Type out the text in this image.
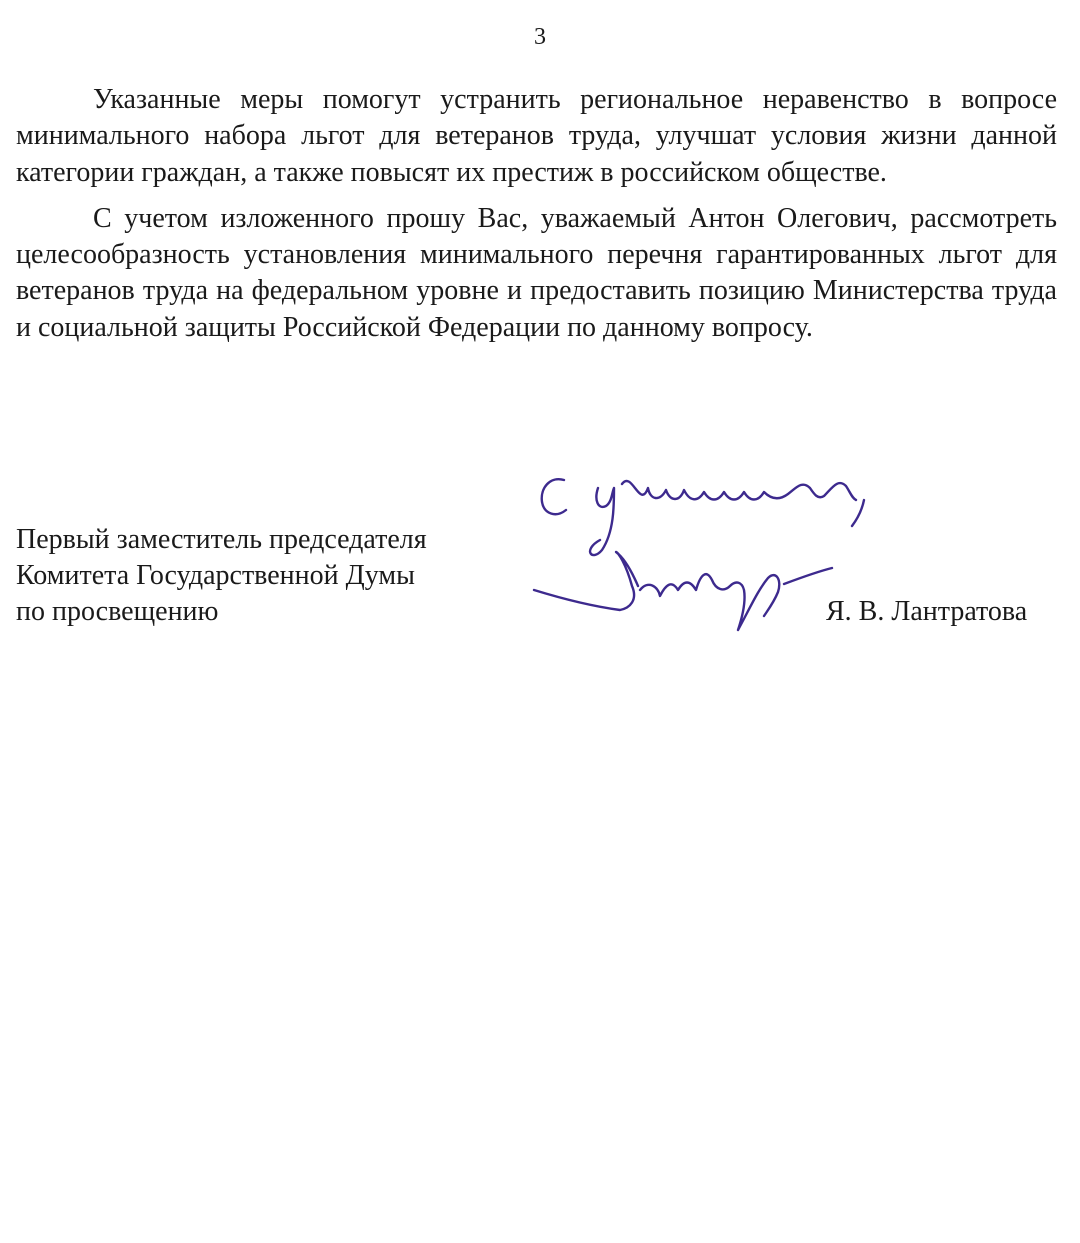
3

Указанные меры помогут устранить региональное неравенство в вопросе минимального набора льгот для ветеранов труда, улучшат условия жизни данной категории граждан, а также повысят их престиж в российском обществе.

С учетом изложенного прошу Вас, уважаемый Антон Олегович, рассмотреть целесообразность установления минимального перечня гарантированных льгот для ветеранов труда на федеральном уровне и предоставить позицию Министерства труда и социальной защиты Российской Федерации по данному вопросу.

Первый заместитель председателя
Комитета Государственной Думы
по просвещению	Я. В. Лантратова
